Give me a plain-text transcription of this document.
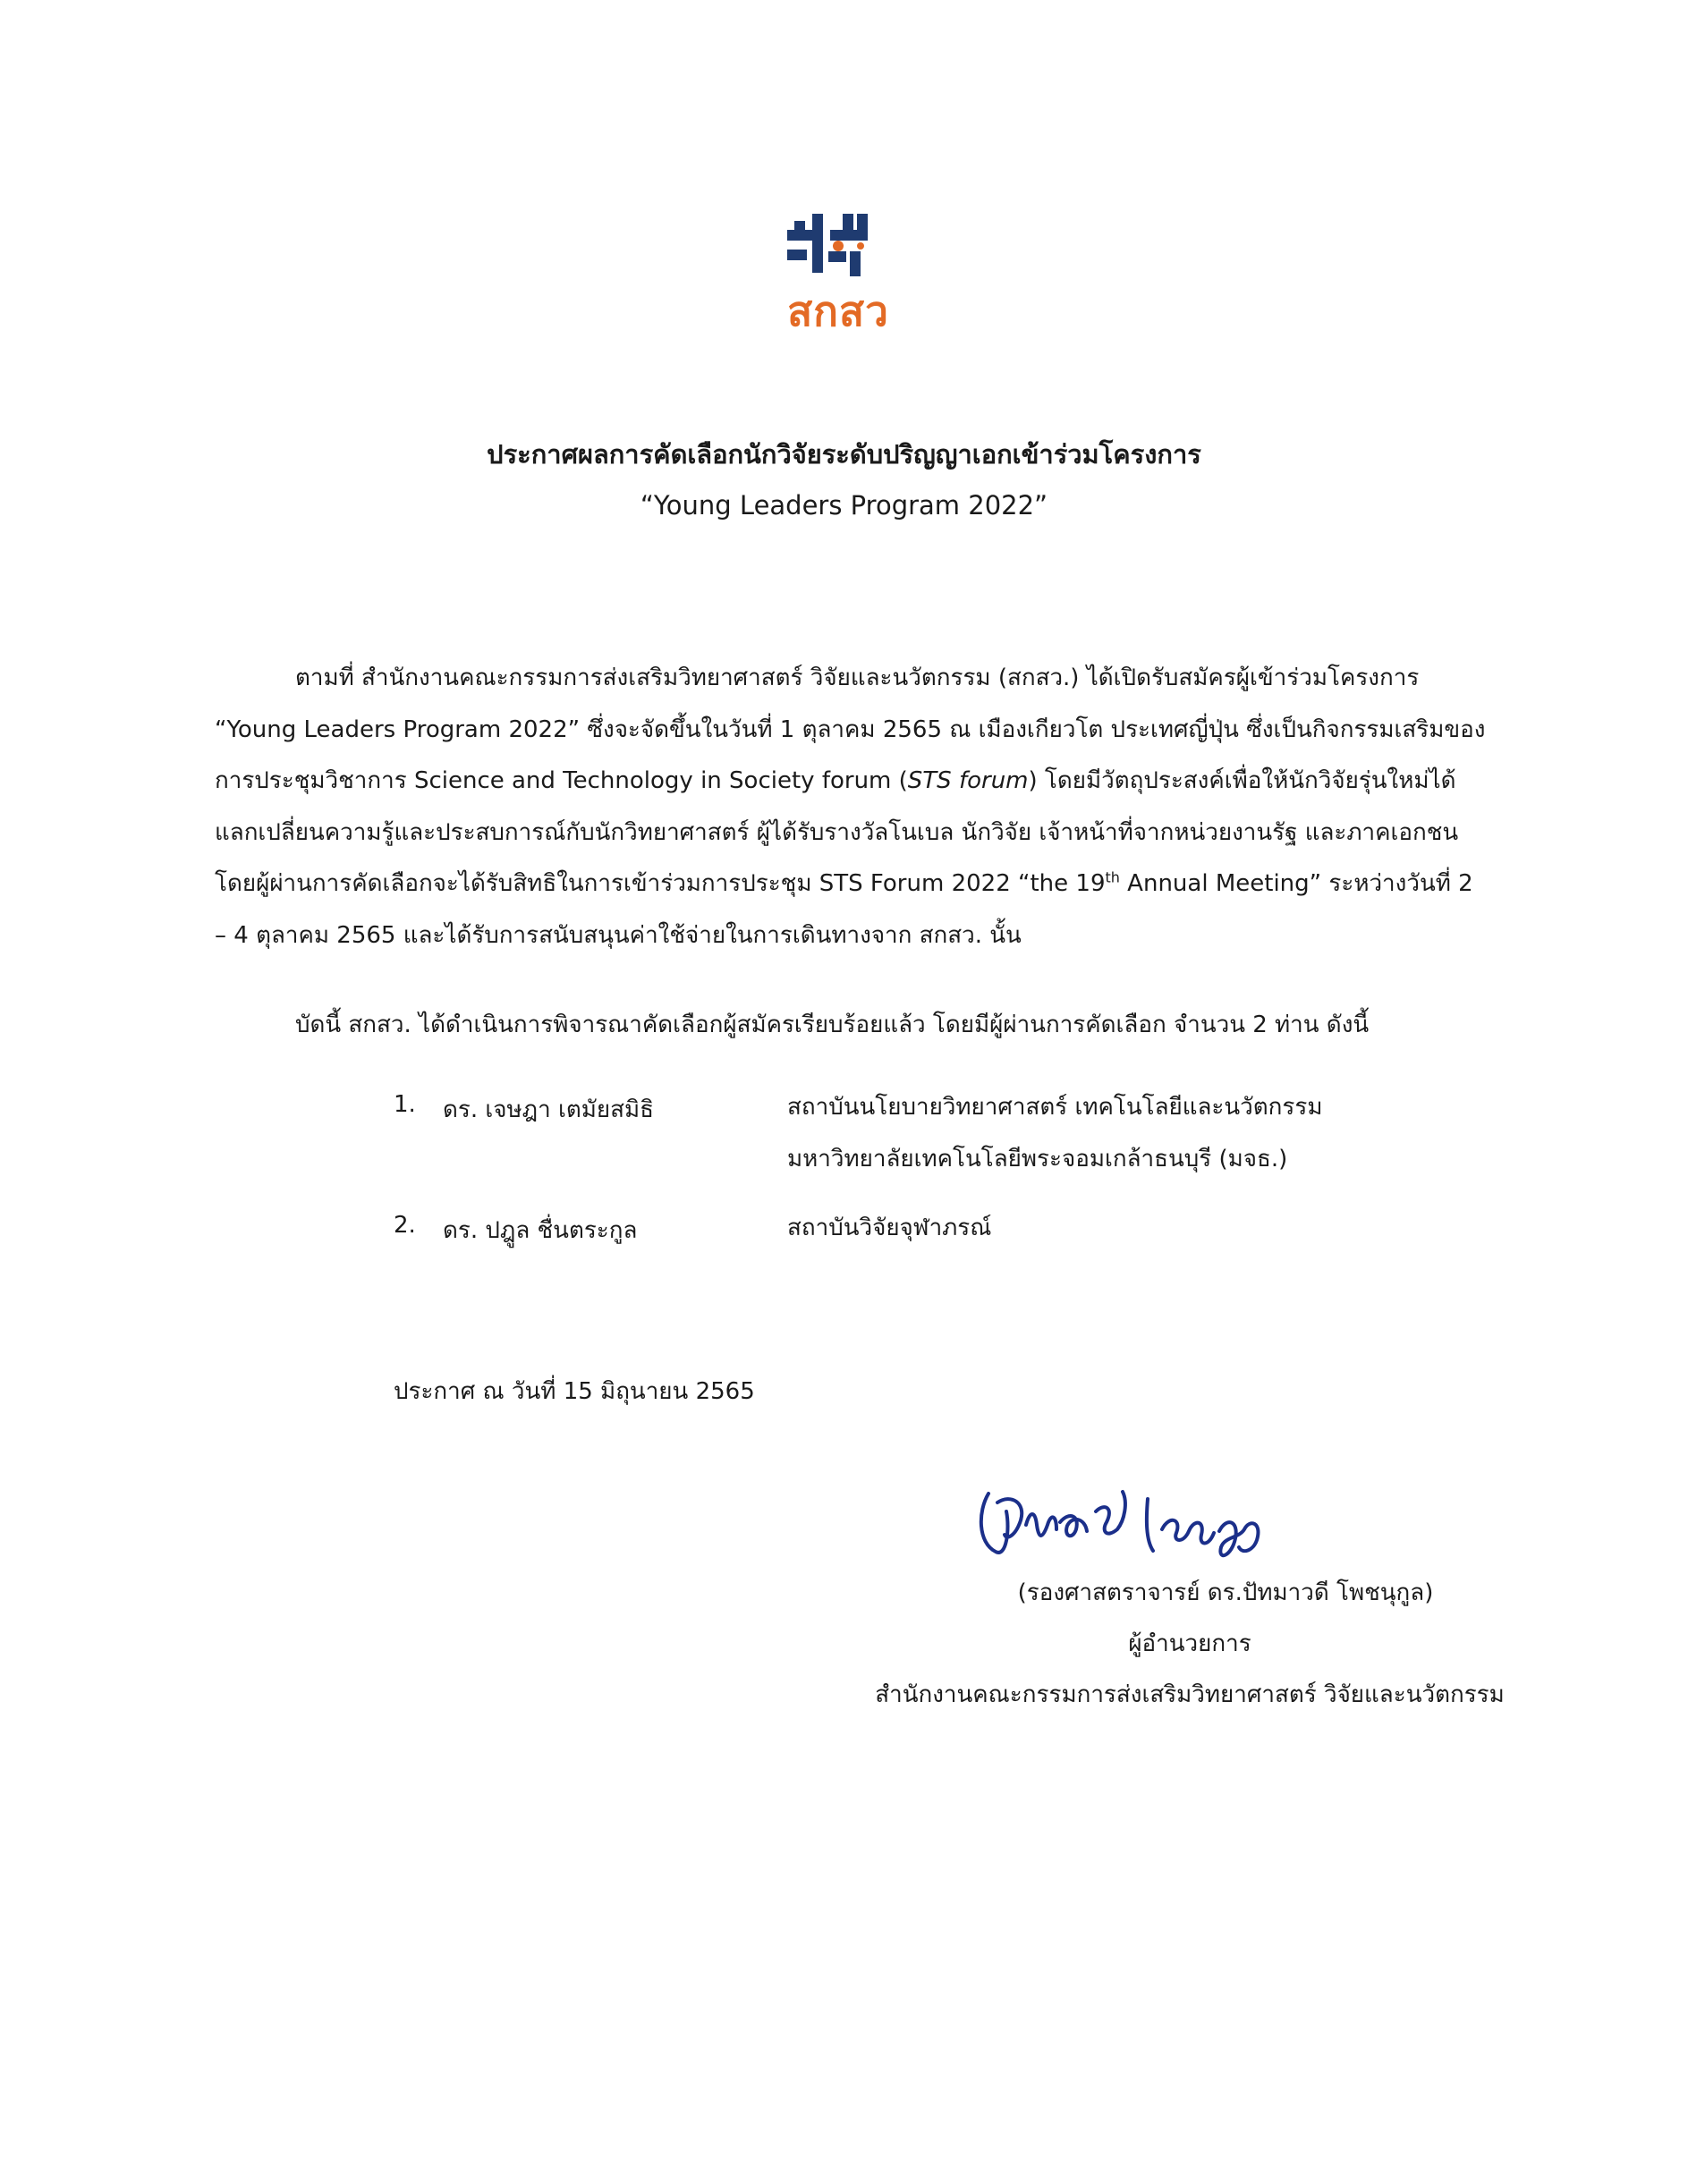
สกสว
ประกาศผลการคัดเลือกนักวิจัยระดับปริญญาเอกเข้าร่วมโครงการ
“Young Leaders Program 2022”
ตามที่ สำนักงานคณะกรรมการส่งเสริมวิทยาศาสตร์ วิจัยและนวัตกรรม (สกสว.) ได้เปิดรับสมัครผู้เข้าร่วมโครงการ
“Young Leaders Program 2022” ซึ่งจะจัดขึ้นในวันที่ 1 ตุลาคม 2565 ณ เมืองเกียวโต ประเทศญี่ปุ่น ซึ่งเป็นกิจกรรมเสริมของ
การประชุมวิชาการ Science and Technology in Society forum (STS forum) โดยมีวัตถุประสงค์เพื่อให้นักวิจัยรุ่นใหม่ได้
แลกเปลี่ยนความรู้และประสบการณ์กับนักวิทยาศาสตร์ ผู้ได้รับรางวัลโนเบล นักวิจัย เจ้าหน้าที่จากหน่วยงานรัฐ และภาคเอกชน
โดยผู้ผ่านการคัดเลือกจะได้รับสิทธิในการเข้าร่วมการประชุม STS Forum 2022 “the 19th Annual Meeting” ระหว่างวันที่ 2
– 4 ตุลาคม 2565 และได้รับการสนับสนุนค่าใช้จ่ายในการเดินทางจาก สกสว. นั้น
บัดนี้ สกสว. ได้ดำเนินการพิจารณาคัดเลือกผู้สมัครเรียบร้อยแล้ว โดยมีผู้ผ่านการคัดเลือก จำนวน 2 ท่าน ดังนี้
1. ดร. เจษฎา เตมัยสมิธิ	สถาบันนโยบายวิทยาศาสตร์ เทคโนโลยีและนวัตกรรม
มหาวิทยาลัยเทคโนโลยีพระจอมเกล้าธนบุรี (มจธ.)
2. ดร. ปฎูล ชื่นตระกูล	สถาบันวิจัยจุฬาภรณ์
ประกาศ ณ วันที่ 15 มิถุนายน 2565
(รองศาสตราจารย์ ดร.ปัทมาวดี โพชนุกูล)
ผู้อำนวยการ
สำนักงานคณะกรรมการส่งเสริมวิทยาศาสตร์ วิจัยและนวัตกรรม
